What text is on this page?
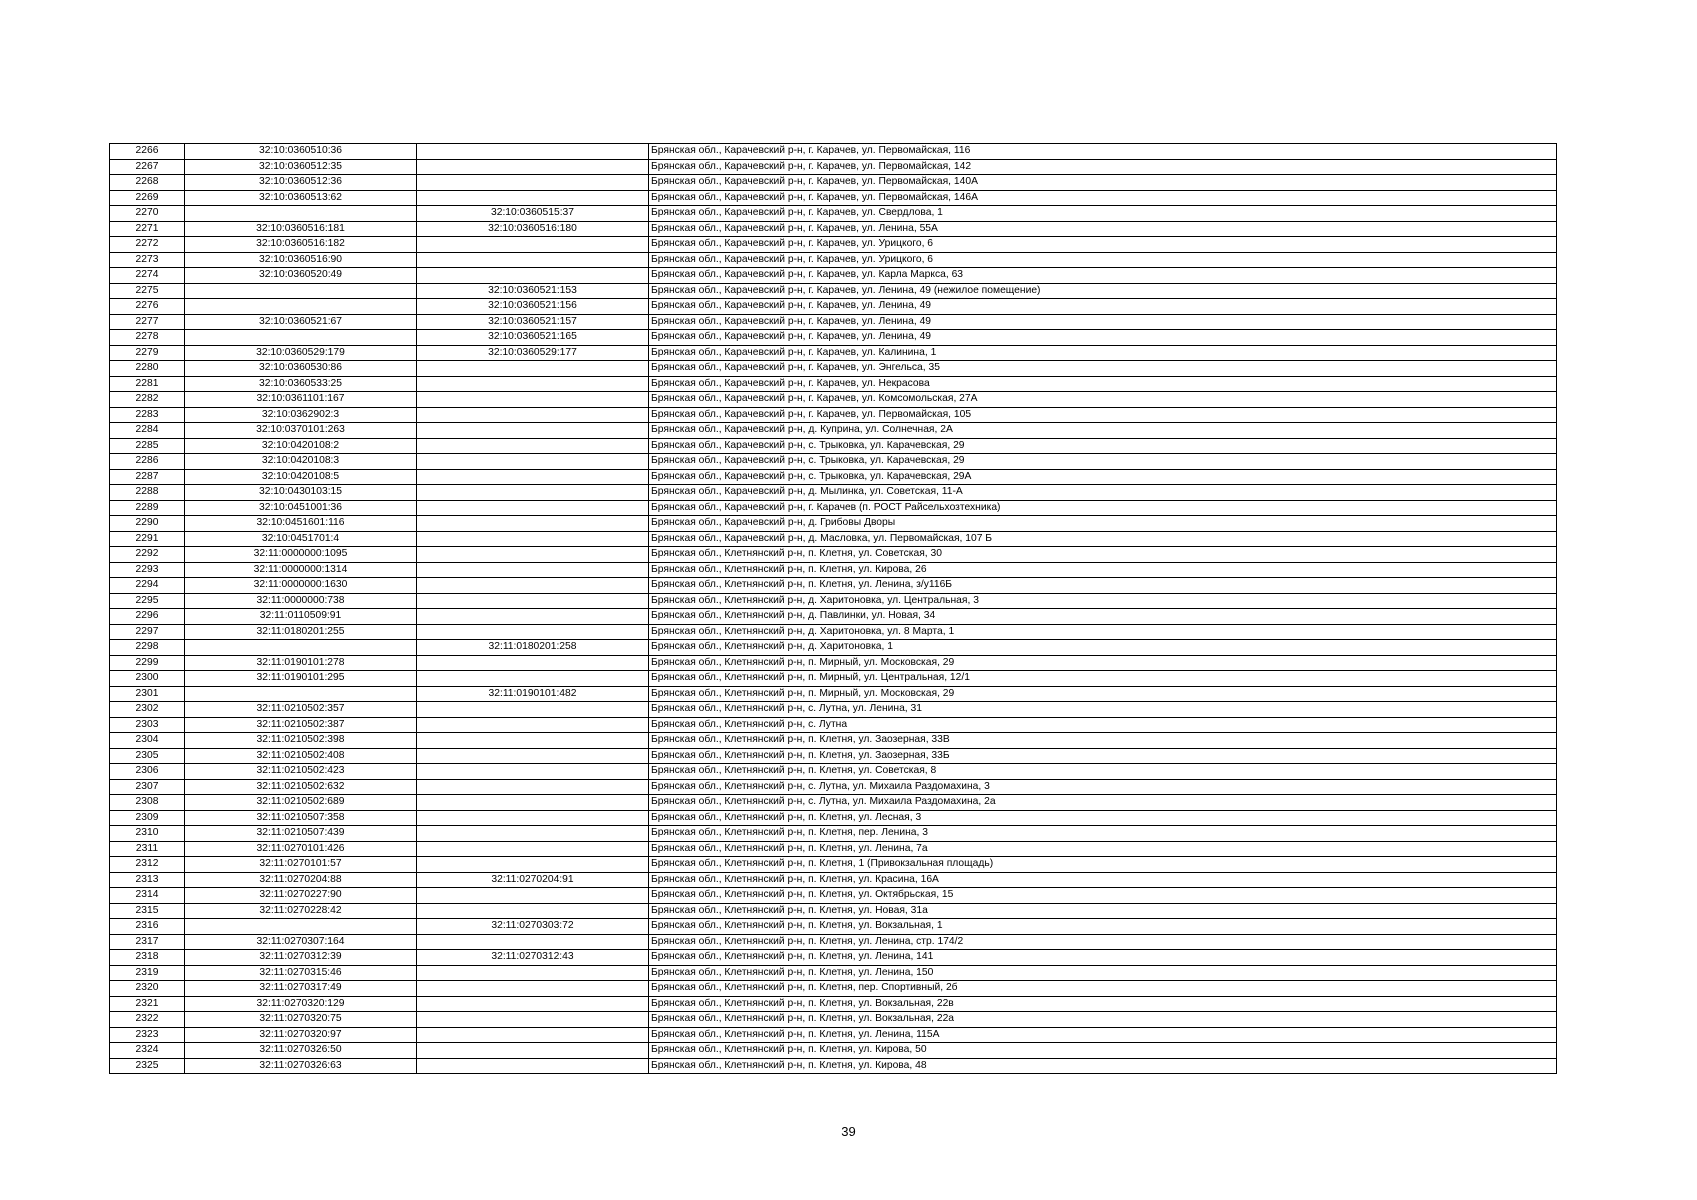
2266	32:10:0360510:36		Брянская обл., Карачевский р-н, г. Карачев, ул. Первомайская, 116
2267	32:10:0360512:35		Брянская обл., Карачевский р-н, г. Карачев, ул. Первомайская, 142
2268	32:10:0360512:36		Брянская обл., Карачевский р-н, г. Карачев, ул. Первомайская, 140А
2269	32:10:0360513:62		Брянская обл., Карачевский р-н, г. Карачев, ул. Первомайская, 146А
2270		32:10:0360515:37	Брянская обл., Карачевский р-н, г. Карачев, ул. Свердлова, 1
2271	32:10:0360516:181	32:10:0360516:180	Брянская обл., Карачевский р-н, г. Карачев, ул. Ленина, 55А
2272	32:10:0360516:182		Брянская обл., Карачевский р-н, г. Карачев, ул. Урицкого, 6
2273	32:10:0360516:90		Брянская обл., Карачевский р-н, г. Карачев, ул. Урицкого, 6
2274	32:10:0360520:49		Брянская обл., Карачевский р-н, г. Карачев, ул. Карла Маркса, 63
2275		32:10:0360521:153	Брянская обл., Карачевский р-н, г. Карачев, ул. Ленина, 49 (нежилое помещение)
2276		32:10:0360521:156	Брянская обл., Карачевский р-н, г. Карачев, ул. Ленина, 49
2277	32:10:0360521:67	32:10:0360521:157	Брянская обл., Карачевский р-н, г. Карачев, ул. Ленина, 49
2278		32:10:0360521:165	Брянская обл., Карачевский р-н, г. Карачев, ул. Ленина, 49
2279	32:10:0360529:179	32:10:0360529:177	Брянская обл., Карачевский р-н, г. Карачев, ул. Калинина, 1
2280	32:10:0360530:86		Брянская обл., Карачевский р-н, г. Карачев, ул. Энгельса, 35
2281	32:10:0360533:25		Брянская обл., Карачевский р-н, г. Карачев, ул. Некрасова
2282	32:10:0361101:167		Брянская обл., Карачевский р-н, г. Карачев, ул. Комсомольская, 27А
2283	32:10:0362902:3		Брянская обл., Карачевский р-н, г. Карачев, ул. Первомайская, 105
2284	32:10:0370101:263		Брянская обл., Карачевский р-н, д. Куприна, ул. Солнечная, 2А
2285	32:10:0420108:2		Брянская обл., Карачевский р-н, с. Трыковка, ул. Карачевская, 29
2286	32:10:0420108:3		Брянская обл., Карачевский р-н, с. Трыковка, ул. Карачевская, 29
2287	32:10:0420108:5		Брянская обл., Карачевский р-н, с. Трыковка, ул. Карачевская, 29А
2288	32:10:0430103:15		Брянская обл., Карачевский р-н, д. Мылинка, ул. Советская, 11-А
2289	32:10:0451001:36		Брянская обл., Карачевский р-н, г. Карачев (п. РОСТ Райсельхозтехника)
2290	32:10:0451601:116		Брянская обл., Карачевский р-н, д. Грибовы Дворы
2291	32:10:0451701:4		Брянская обл., Карачевский р-н, д. Масловка, ул. Первомайская, 107 Б
2292	32:11:0000000:1095		Брянская обл., Клетнянский р-н, п. Клетня, ул. Советская, 30
2293	32:11:0000000:1314		Брянская обл., Клетнянский р-н, п. Клетня, ул. Кирова, 26
2294	32:11:0000000:1630		Брянская обл., Клетнянский р-н, п. Клетня, ул. Ленина, з/у116Б
2295	32:11:0000000:738		Брянская обл., Клетнянский р-н, д. Харитоновка, ул. Центральная, 3
2296	32:11:0110509:91		Брянская обл., Клетнянский р-н, д. Павлинки, ул. Новая, 34
2297	32:11:0180201:255		Брянская обл., Клетнянский р-н, д. Харитоновка, ул. 8 Марта, 1
2298		32:11:0180201:258	Брянская обл., Клетнянский р-н, д. Харитоновка, 1
2299	32:11:0190101:278		Брянская обл., Клетнянский р-н, п. Мирный, ул. Московская, 29
2300	32:11:0190101:295		Брянская обл., Клетнянский р-н, п. Мирный, ул. Центральная, 12/1
2301		32:11:0190101:482	Брянская обл., Клетнянский р-н, п. Мирный, ул. Московская, 29
2302	32:11:0210502:357		Брянская обл., Клетнянский р-н, с. Лутна, ул. Ленина, 31
2303	32:11:0210502:387		Брянская обл., Клетнянский р-н, с. Лутна
2304	32:11:0210502:398		Брянская обл., Клетнянский р-н, п. Клетня, ул. Заозерная, 33В
2305	32:11:0210502:408		Брянская обл., Клетнянский р-н, п. Клетня, ул. Заозерная, 33Б
2306	32:11:0210502:423		Брянская обл., Клетнянский р-н, п. Клетня, ул. Советская, 8
2307	32:11:0210502:632		Брянская обл., Клетнянский р-н, с. Лутна, ул. Михаила Раздомахина, 3
2308	32:11:0210502:689		Брянская обл., Клетнянский р-н, с. Лутна, ул. Михаила Раздомахина, 2а
2309	32:11:0210507:358		Брянская обл., Клетнянский р-н, п. Клетня, ул. Лесная, 3
2310	32:11:0210507:439		Брянская обл., Клетнянский р-н, п. Клетня, пер. Ленина, 3
2311	32:11:0270101:426		Брянская обл., Клетнянский р-н, п. Клетня, ул. Ленина, 7а
2312	32:11:0270101:57		Брянская обл., Клетнянский р-н, п. Клетня, 1 (Привокзальная площадь)
2313	32:11:0270204:88	32:11:0270204:91	Брянская обл., Клетнянский р-н, п. Клетня, ул. Красина, 16А
2314	32:11:0270227:90		Брянская обл., Клетнянский р-н, п. Клетня, ул. Октябрьская, 15
2315	32:11:0270228:42		Брянская обл., Клетнянский р-н, п. Клетня, ул. Новая, 31а
2316		32:11:0270303:72	Брянская обл., Клетнянский р-н, п. Клетня, ул. Вокзальная, 1
2317	32:11:0270307:164		Брянская обл., Клетнянский р-н, п. Клетня, ул. Ленина, стр. 174/2
2318	32:11:0270312:39	32:11:0270312:43	Брянская обл., Клетнянский р-н, п. Клетня, ул. Ленина, 141
2319	32:11:0270315:46		Брянская обл., Клетнянский р-н, п. Клетня, ул. Ленина, 150
2320	32:11:0270317:49		Брянская обл., Клетнянский р-н, п. Клетня, пер. Спортивный, 2б
2321	32:11:0270320:129		Брянская обл., Клетнянский р-н, п. Клетня, ул. Вокзальная, 22в
2322	32:11:0270320:75		Брянская обл., Клетнянский р-н, п. Клетня, ул. Вокзальная, 22а
2323	32:11:0270320:97		Брянская обл., Клетнянский р-н, п. Клетня, ул. Ленина, 115А
2324	32:11:0270326:50		Брянская обл., Клетнянский р-н, п. Клетня, ул. Кирова, 50
2325	32:11:0270326:63		Брянская обл., Клетнянский р-н, п. Клетня, ул. Кирова, 48
39
